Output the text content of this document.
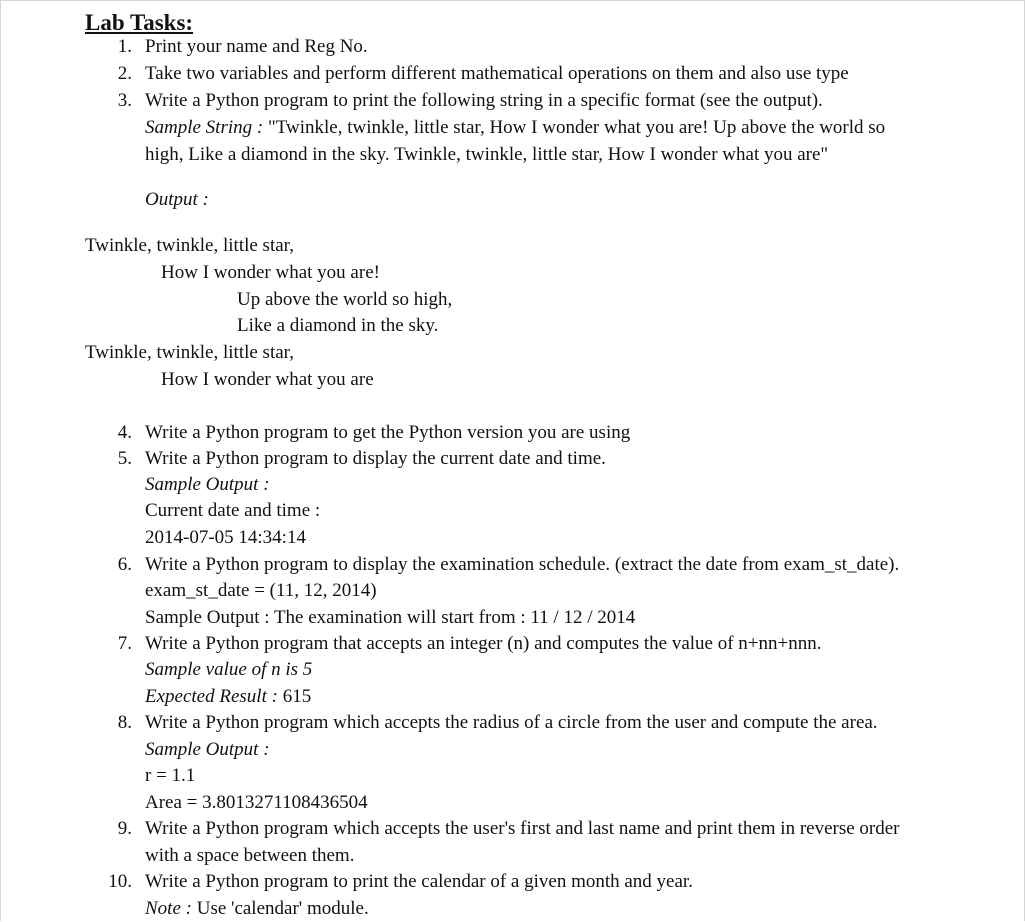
Lab Tasks:
1. Print your name and Reg No.
2. Take two variables and perform different mathematical operations on them and also use type
3. Write a Python program to print the following string in a specific format (see the output).
Sample String : "Twinkle, twinkle, little star, How I wonder what you are! Up above the world so
high, Like a diamond in the sky. Twinkle, twinkle, little star, How I wonder what you are"
Output :
Twinkle, twinkle, little star,
How I wonder what you are!
Up above the world so high,
Like a diamond in the sky.
Twinkle, twinkle, little star,
How I wonder what you are
4. Write a Python program to get the Python version you are using
5. Write a Python program to display the current date and time.
Sample Output :
Current date and time :
2014-07-05 14:34:14
6. Write a Python program to display the examination schedule. (extract the date from exam_st_date).
exam_st_date = (11, 12, 2014)
Sample Output : The examination will start from : 11 / 12 / 2014
7. Write a Python program that accepts an integer (n) and computes the value of n+nn+nnn.
Sample value of n is 5
Expected Result : 615
8. Write a Python program which accepts the radius of a circle from the user and compute the area.
Sample Output :
r = 1.1
Area = 3.8013271108436504
9. Write a Python program which accepts the user's first and last name and print them in reverse order
with a space between them.
10. Write a Python program to print the calendar of a given month and year.
Note : Use 'calendar' module.
